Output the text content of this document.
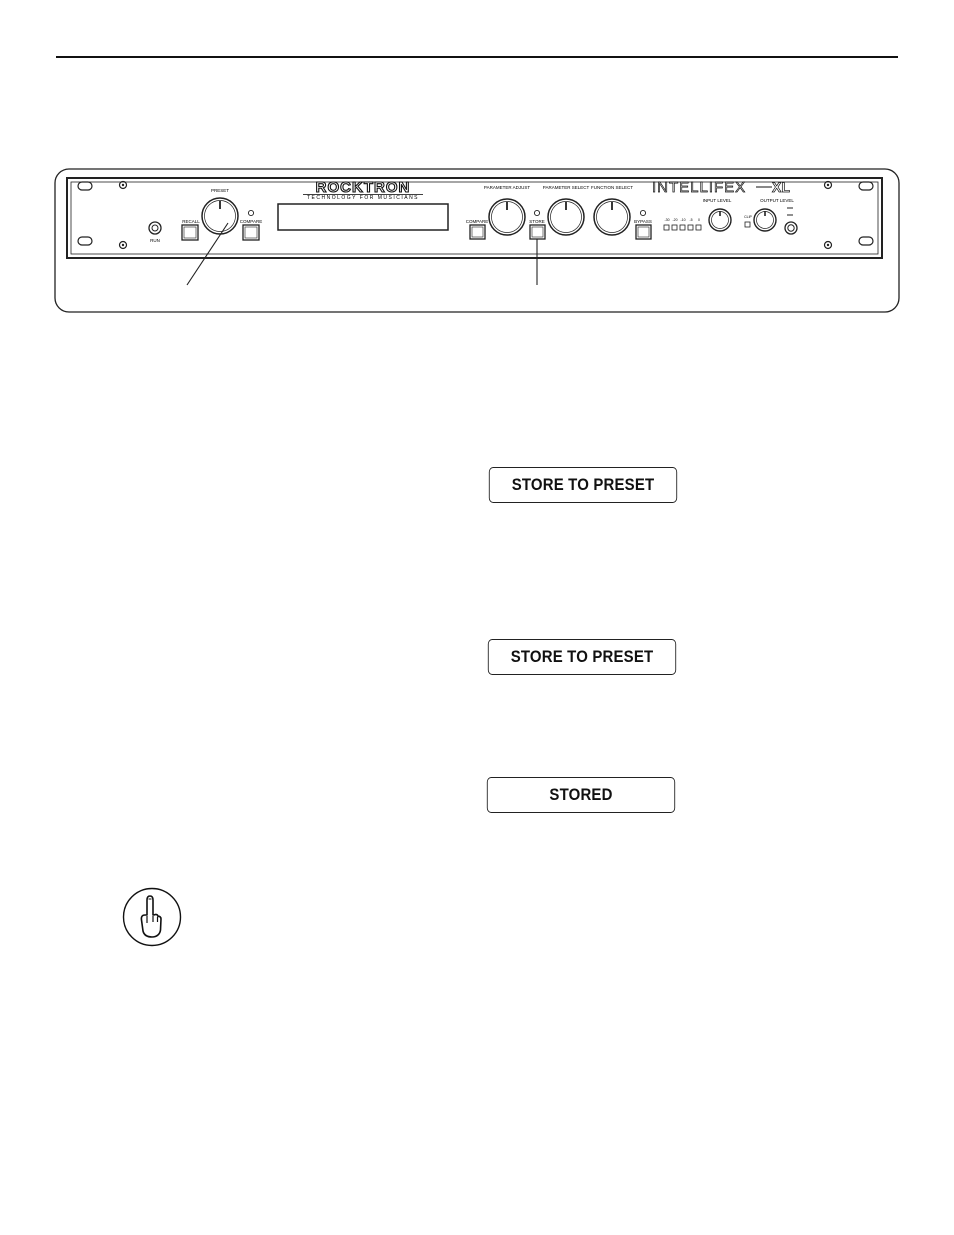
RUN
RECALL
PRESET
COMPARE
ROCKTRON
TECHNOLOGY FOR MUSICIANS
COMPARE
PARAMETER ADJUST
STORE
PARAMETER SELECT FUNCTION SELECT
BYPASS
INTELLIFEX XL
-30 -20 -10 -5 0
INPUT LEVEL
CLIP
OUTPUT LEVEL
STORE TO PRESET
STORE TO PRESET
STORED
